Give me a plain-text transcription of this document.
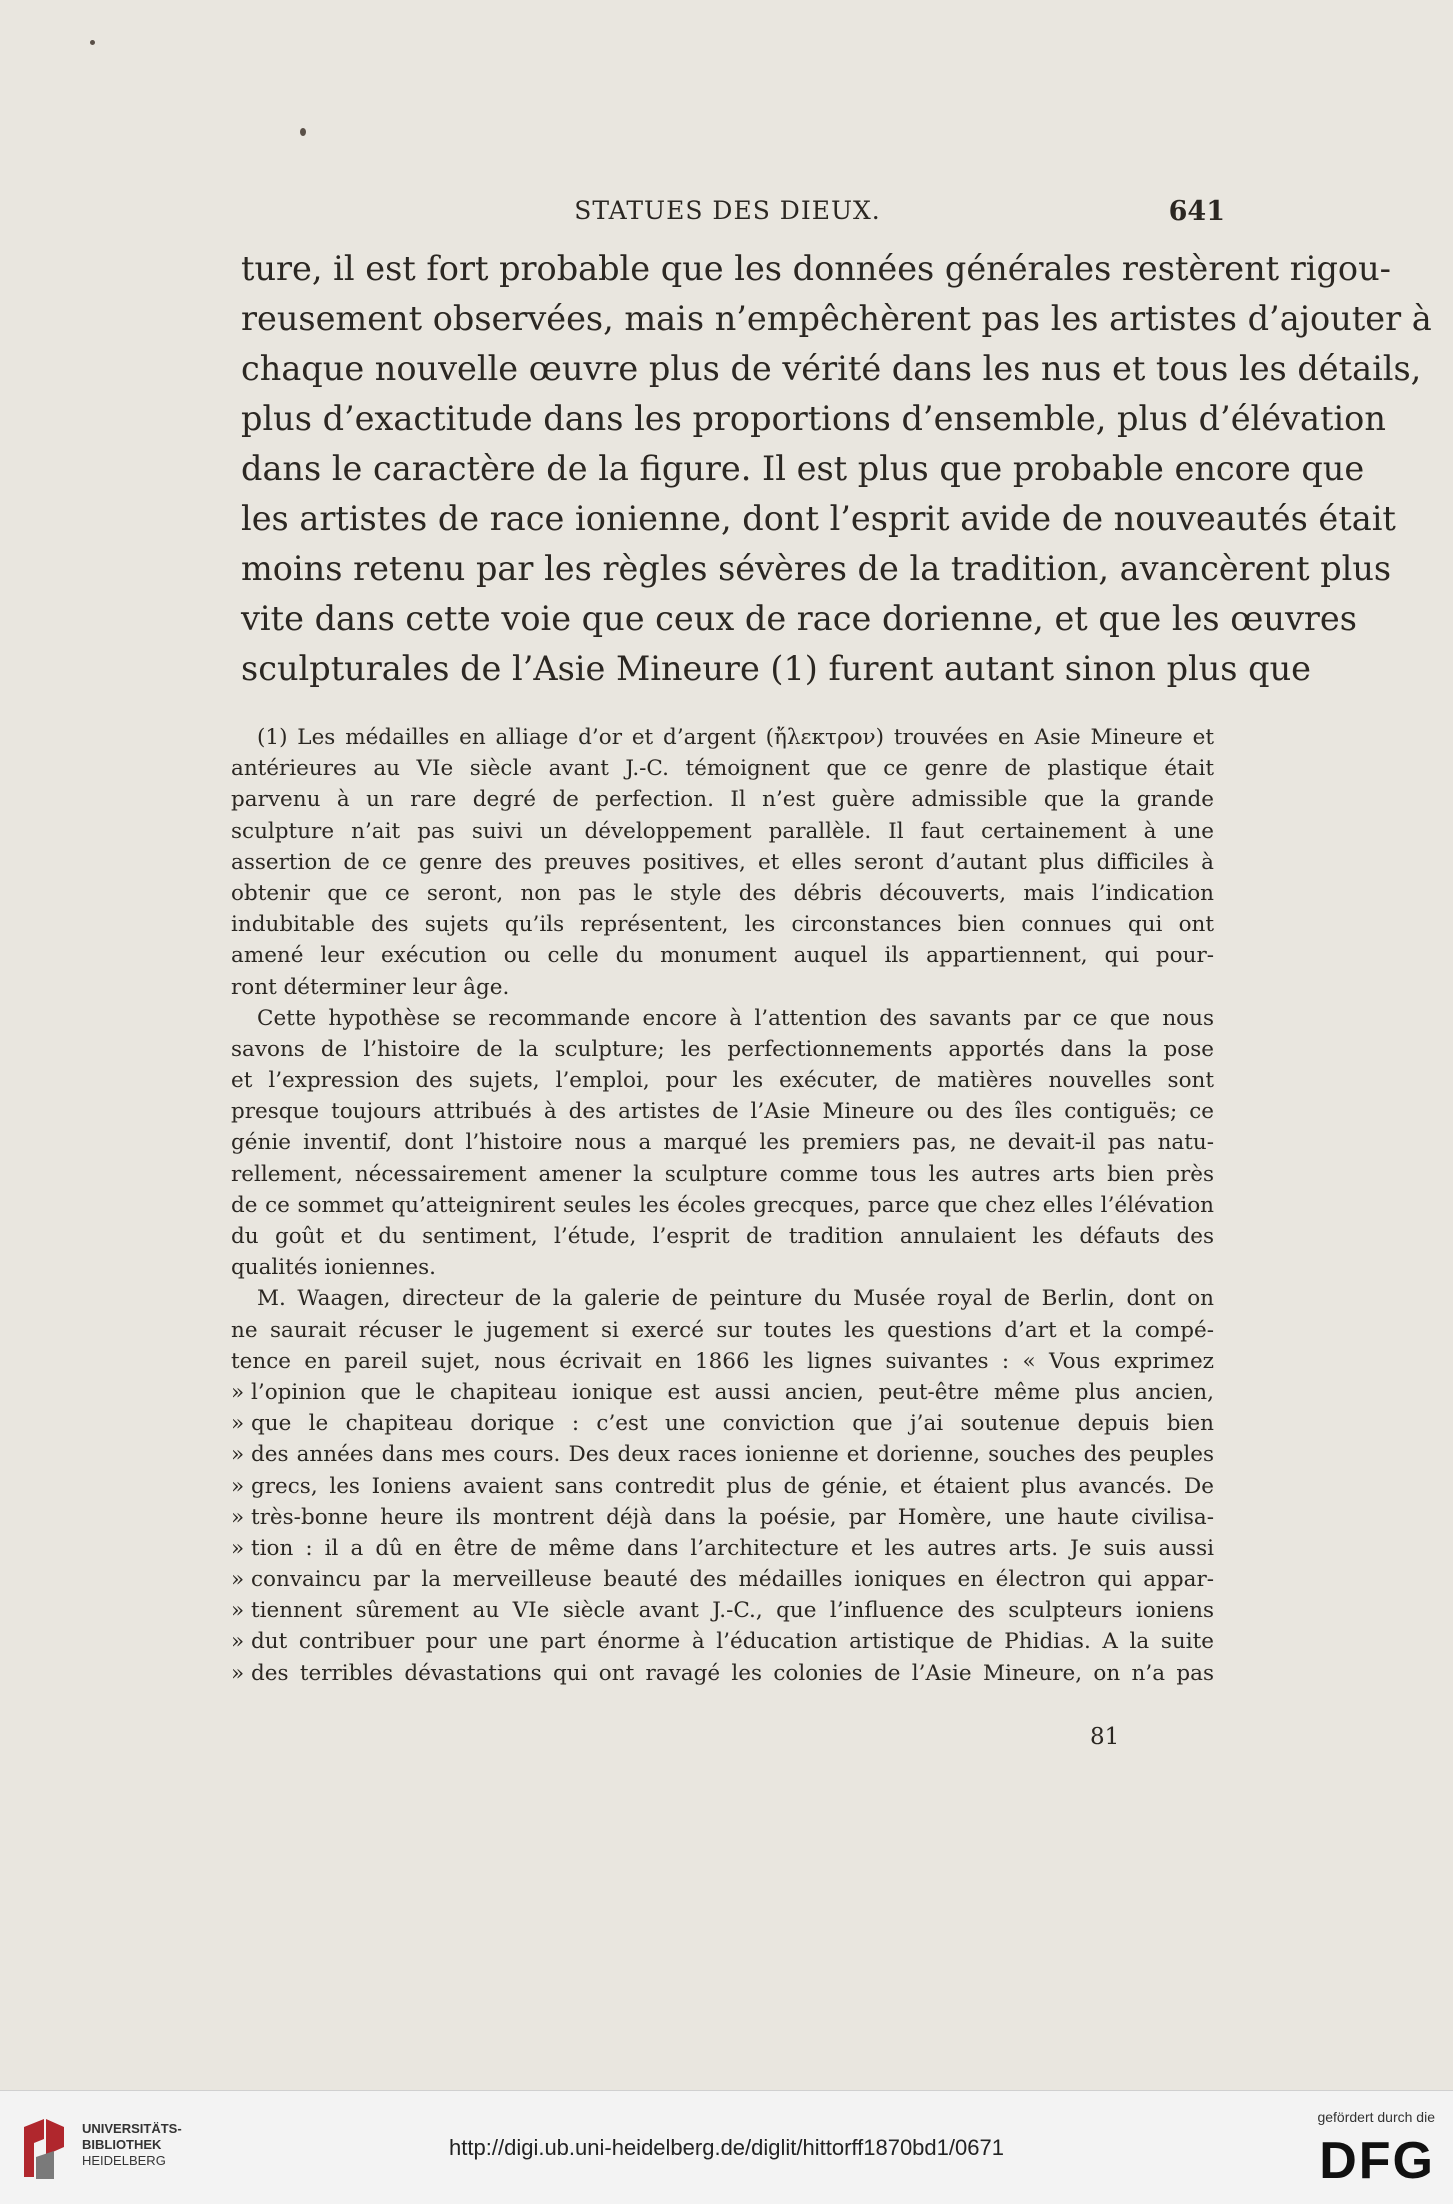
STATUES DES DIEUX.	641
ture, il est fort probable que les données générales restèrent rigou-
reusement observées, mais n’empêchèrent pas les artistes d’ajouter à
chaque nouvelle œuvre plus de vérité dans les nus et tous les détails,
plus d’exactitude dans les proportions d’ensemble, plus d’élévation
dans le caractère de la figure. Il est plus que probable encore que
les artistes de race ionienne, dont l’esprit avide de nouveautés était
moins retenu par les règles sévères de la tradition, avancèrent plus
vite dans cette voie que ceux de race dorienne, et que les œuvres
sculpturales de l’Asie Mineure (1) furent autant sinon plus que
(1) Les médailles en alliage d’or et d’argent (ἤλεκτρον) trouvées en Asie Mineure et
antérieures au VIe siècle avant J.-C. témoignent que ce genre de plastique était
parvenu à un rare degré de perfection. Il n’est guère admissible que la grande
sculpture n’ait pas suivi un développement parallèle. Il faut certainement à une
assertion de ce genre des preuves positives, et elles seront d’autant plus difficiles à
obtenir que ce seront, non pas le style des débris découverts, mais l’indication
indubitable des sujets qu’ils représentent, les circonstances bien connues qui ont
amené leur exécution ou celle du monument auquel ils appartiennent, qui pour-
ront déterminer leur âge.
Cette hypothèse se recommande encore à l’attention des savants par ce que nous
savons de l’histoire de la sculpture; les perfectionnements apportés dans la pose
et l’expression des sujets, l’emploi, pour les exécuter, de matières nouvelles sont
presque toujours attribués à des artistes de l’Asie Mineure ou des îles contiguës; ce
génie inventif, dont l’histoire nous a marqué les premiers pas, ne devait-il pas natu-
rellement, nécessairement amener la sculpture comme tous les autres arts bien près
de ce sommet qu’atteignirent seules les écoles grecques, parce que chez elles l’élévation
du goût et du sentiment, l’étude, l’esprit de tradition annulaient les défauts des
qualités ioniennes.
M. Waagen, directeur de la galerie de peinture du Musée royal de Berlin, dont on
ne saurait récuser le jugement si exercé sur toutes les questions d’art et la compé-
tence en pareil sujet, nous écrivait en 1866 les lignes suivantes : « Vous exprimez
» l’opinion que le chapiteau ionique est aussi ancien, peut-être même plus ancien,
» que le chapiteau dorique : c’est une conviction que j’ai soutenue depuis bien
» des années dans mes cours. Des deux races ionienne et dorienne, souches des peuples
» grecs, les Ioniens avaient sans contredit plus de génie, et étaient plus avancés. De
» très-bonne heure ils montrent déjà dans la poésie, par Homère, une haute civilisa-
» tion : il a dû en être de même dans l’architecture et les autres arts. Je suis aussi
» convaincu par la merveilleuse beauté des médailles ioniques en électron qui appar-
» tiennent sûrement au VIe siècle avant J.-C., que l’influence des sculpteurs ioniens
» dut contribuer pour une part énorme à l’éducation artistique de Phidias. A la suite
» des terribles dévastations qui ont ravagé les colonies de l’Asie Mineure, on n’a pas
81
UNIVERSITÄTS-
BIBLIOTHEK
HEIDELBERG
http://digi.ub.uni-heidelberg.de/diglit/hittorff1870bd1/0671
gefördert durch die
DFG
